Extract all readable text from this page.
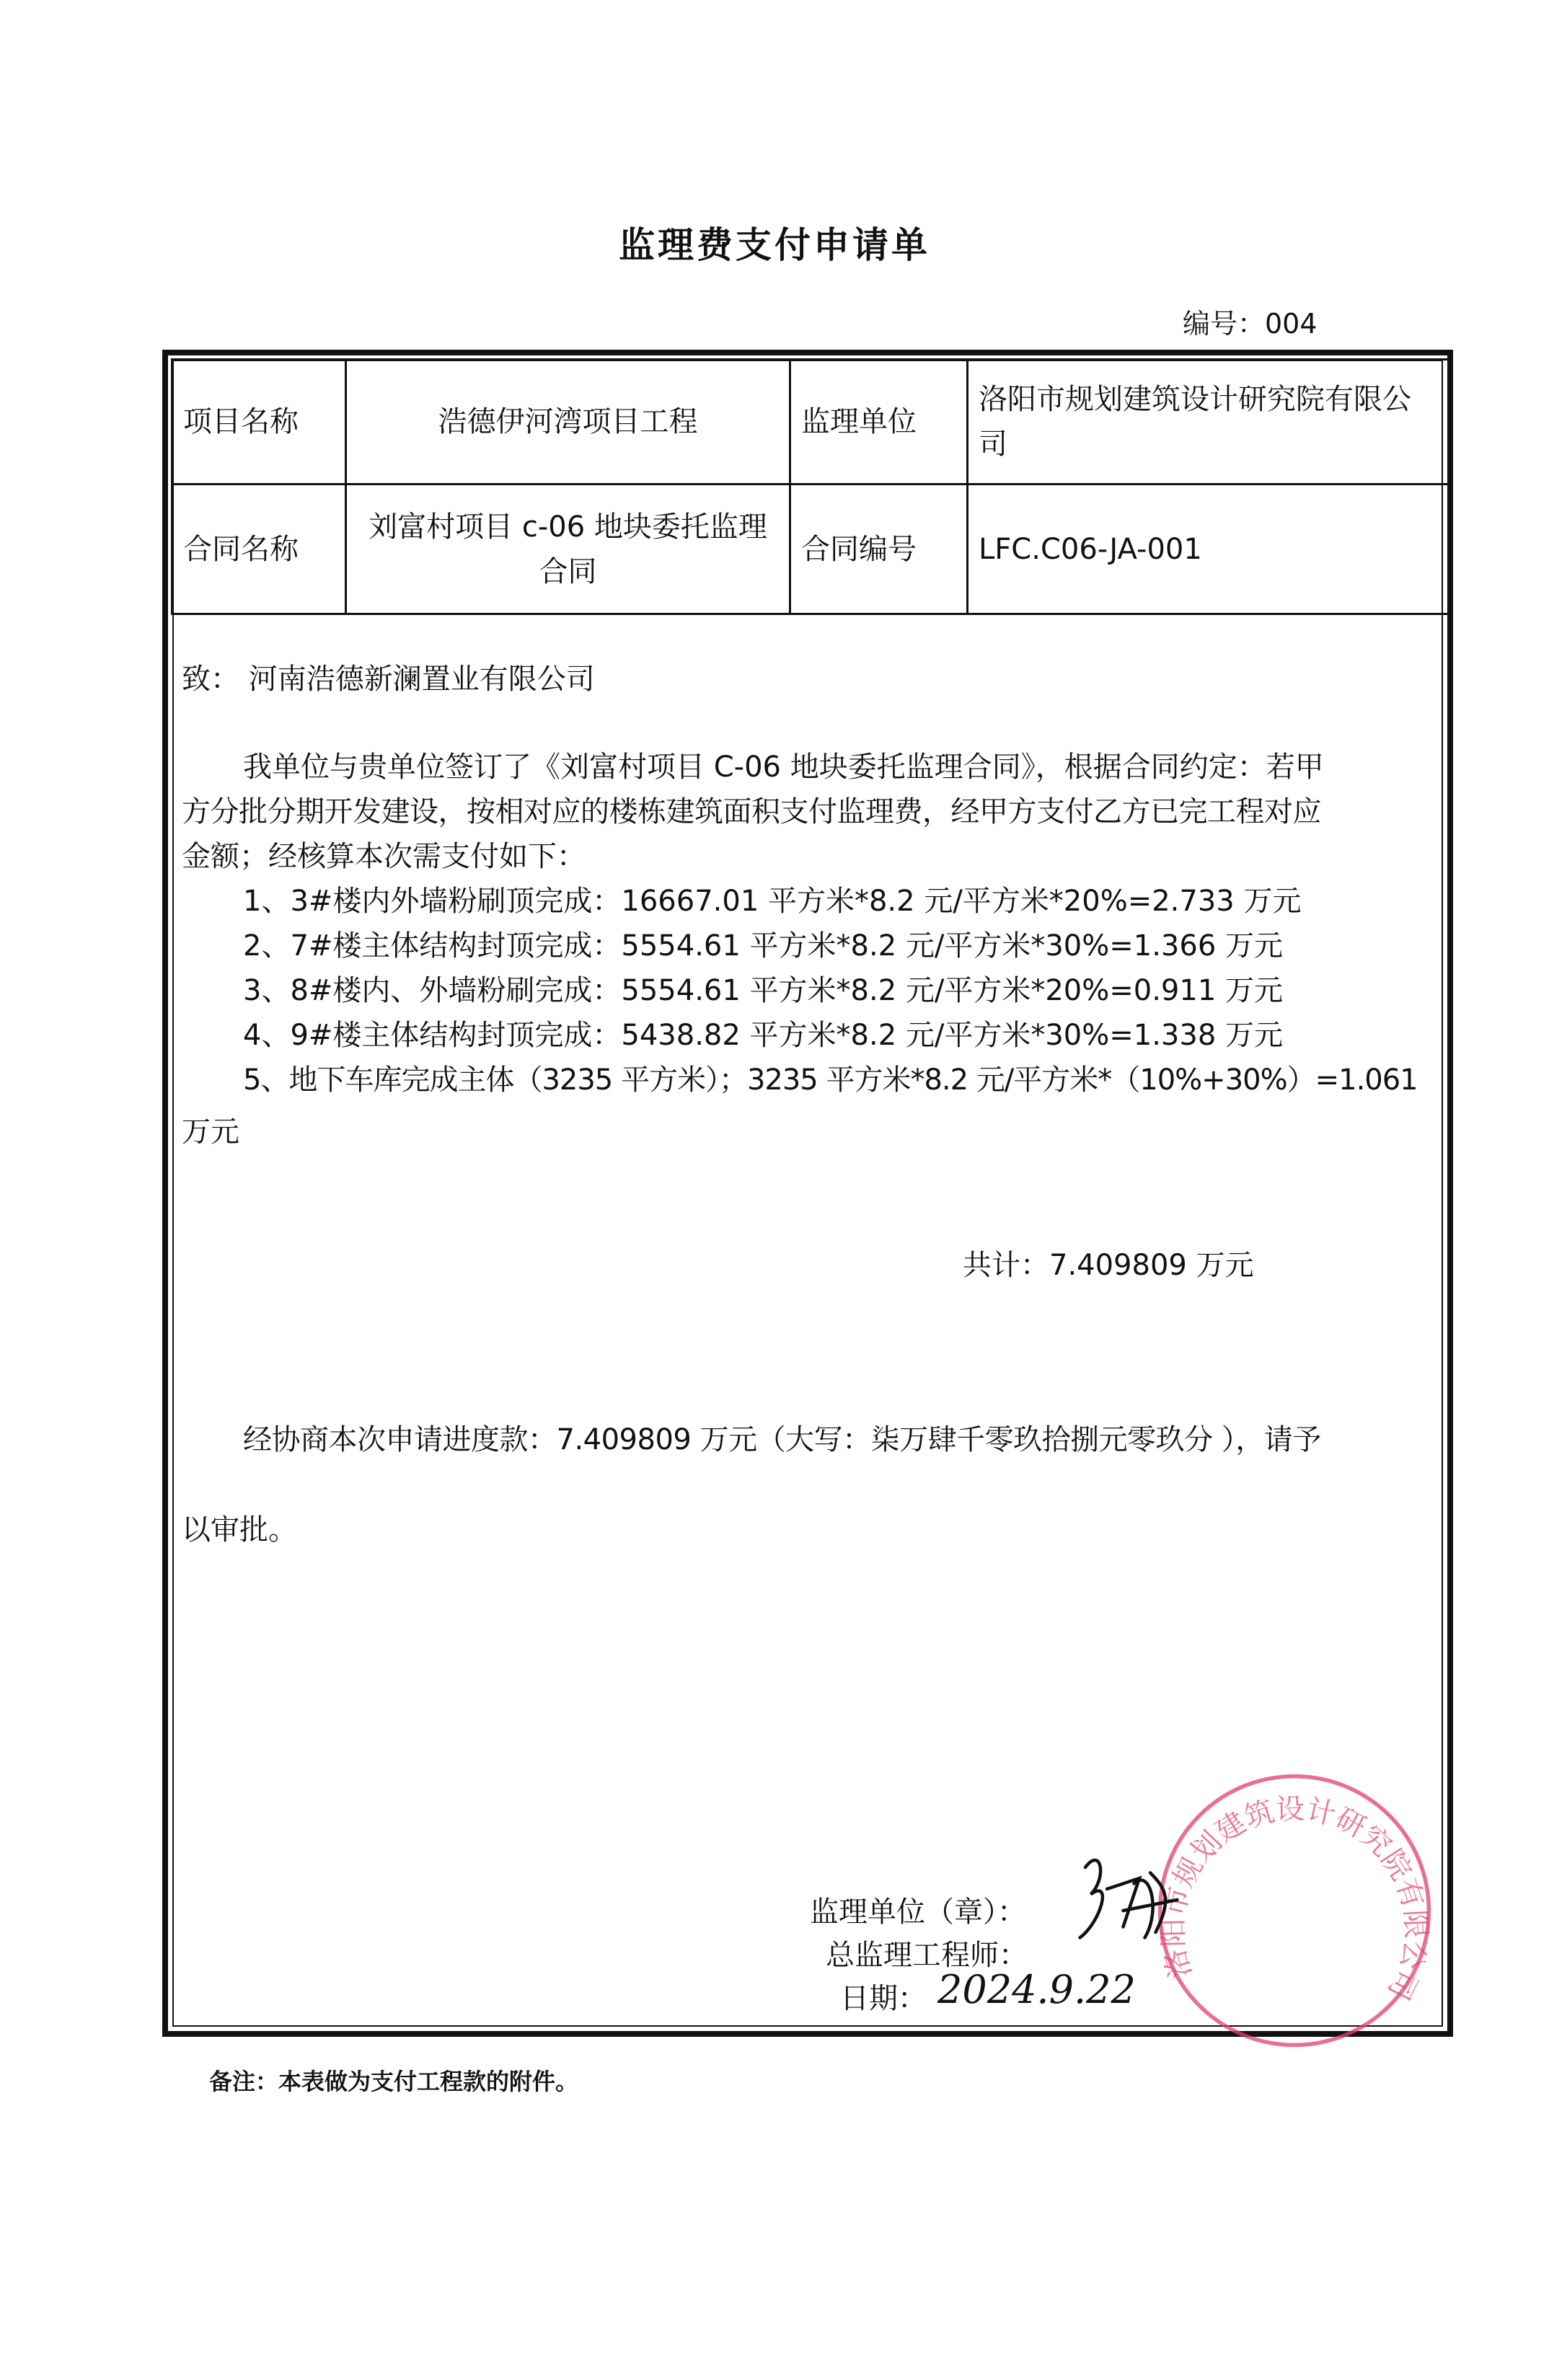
监理费支付申请单
编号：004
项目名称	浩德伊河湾项目工程	监理单位	洛阳市规划建筑设计研究院有限公司
合同名称	刘富村项目 c-06 地块委托监理合同	合同编号	LFC.C06-JA-001
致： 河南浩德新澜置业有限公司
我单位与贵单位签订了《刘富村项目 C-06 地块委托监理合同》，根据合同约定：若甲
方分批分期开发建设，按相对应的楼栋建筑面积支付监理费，经甲方支付乙方已完工程对应
金额；经核算本次需支付如下：
1、3#楼内外墙粉刷顶完成：16667.01 平方米*8.2 元/平方米*20%=2.733 万元
2、7#楼主体结构封顶完成：5554.61 平方米*8.2 元/平方米*30%=1.366 万元
3、8#楼内、外墙粉刷完成：5554.61 平方米*8.2 元/平方米*20%=0.911 万元
4、9#楼主体结构封顶完成：5438.82 平方米*8.2 元/平方米*30%=1.338 万元
5、地下车库完成主体（3235 平方米）；3235 平方米*8.2 元/平方米*（10%+30%）=1.061
万元
共计：7.409809 万元
经协商本次申请进度款：7.409809 万元（大写：柒万肆千零玖拾捌元零玖分 ），请予
以审批。
洛阳市规划建筑设计研究院有限公司
监理单位（章）：
总监理工程师：
日期： 2024.9.22
备注：本表做为支付工程款的附件。
